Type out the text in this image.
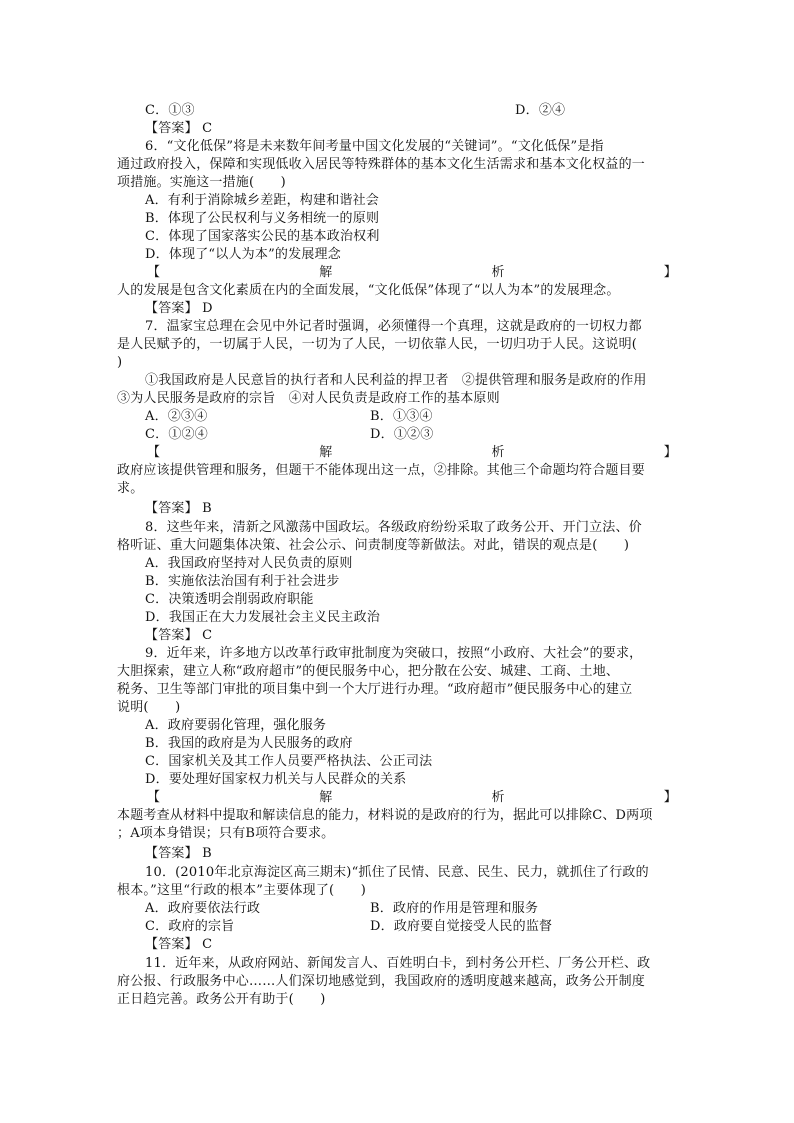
C．①③	D．②④
【答案】 C
6．“文化低保”将是未来数年间考量中国文化发展的“关键词”。“文化低保”是指
通过政府投入，保障和实现低收入居民等特殊群体的基本文化生活需求和基本文化权益的一
项措施。实施这一措施(　　)
A．有利于消除城乡差距，构建和谐社会
B．体现了公民权利与义务相统一的原则
C．体现了国家落实公民的基本政治权利
D．体现了“以人为本”的发展理念
【	解	析	】
人的发展是包含文化素质在内的全面发展，“文化低保”体现了“以人为本”的发展理念。
【答案】 D
7．温家宝总理在会见中外记者时强调，必须懂得一个真理，这就是政府的一切权力都
是人民赋予的，一切属于人民，一切为了人民，一切依靠人民，一切归功于人民。这说明(
)
①我国政府是人民意旨的执行者和人民利益的捍卫者　②提供管理和服务是政府的作用
③为人民服务是政府的宗旨　④对人民负责是政府工作的基本原则
A．②③④	B．①③④
C．①②④	D．①②③
【	解	析	】
政府应该提供管理和服务，但题干不能体现出这一点，②排除。其他三个命题均符合题目要
求。
【答案】 B
8．这些年来，清新之风激荡中国政坛。各级政府纷纷采取了政务公开、开门立法、价
格听证、重大问题集体决策、社会公示、问责制度等新做法。对此，错误的观点是(　　)
A．我国政府坚持对人民负责的原则
B．实施依法治国有利于社会进步
C．决策透明会削弱政府职能
D．我国正在大力发展社会主义民主政治
【答案】 C
9．近年来，许多地方以改革行政审批制度为突破口，按照“小政府、大社会”的要求，
大胆探索，建立人称“政府超市”的便民服务中心，把分散在公安、城建、工商、土地、
税务、卫生等部门审批的项目集中到一个大厅进行办理。“政府超市”便民服务中心的建立
说明(　　)
A．政府要弱化管理，强化服务
B．我国的政府是为人民服务的政府
C．国家机关及其工作人员要严格执法、公正司法
D．要处理好国家权力机关与人民群众的关系
【	解	析	】
本题考查从材料中提取和解读信息的能力，材料说的是政府的行为，据此可以排除C、D两项
；A项本身错误；只有B项符合要求。
【答案】 B
10．(2010年北京海淀区高三期末)“抓住了民情、民意、民生、民力，就抓住了行政的
根本。”这里“行政的根本”主要体现了(　　)
A．政府要依法行政	B．政府的作用是管理和服务
C．政府的宗旨	D．政府要自觉接受人民的监督
【答案】 C
11．近年来，从政府网站、新闻发言人、百姓明白卡，到村务公开栏、厂务公开栏、政
府公报、行政服务中心……人们深切地感觉到，我国政府的透明度越来越高，政务公开制度
正日趋完善。政务公开有助于(　　)
